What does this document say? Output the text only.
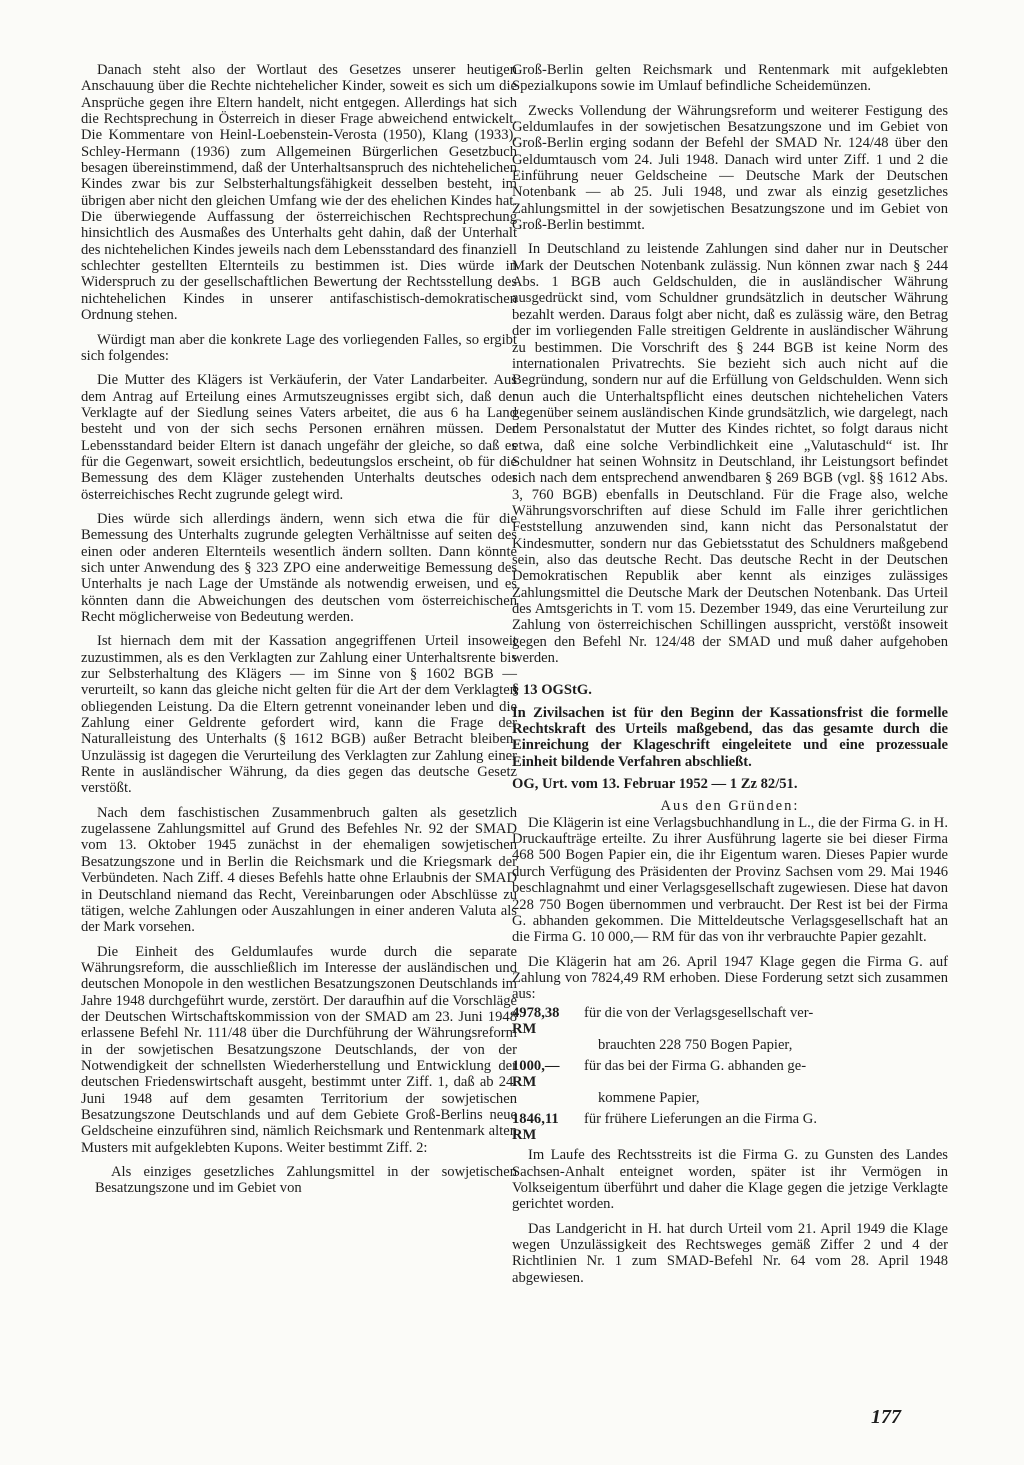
Danach steht also der Wortlaut des Gesetzes unserer heutigen Anschauung über die Rechte nichtehelicher Kinder, soweit es sich um die Ansprüche gegen ihre Eltern handelt, nicht entgegen. Allerdings hat sich die Rechtsprechung in Österreich in dieser Frage abweichend entwickelt. Die Kommentare von Heinl-Loebenstein-Verosta (1950), Klang (1933), Schley-Hermann (1936) zum Allgemeinen Bürgerlichen Gesetzbuch besagen übereinstimmend, daß der Unterhaltsanspruch des nichtehelichen Kindes zwar bis zur Selbsterhaltungsfähigkeit desselben besteht, im übrigen aber nicht den gleichen Umfang wie der des ehelichen Kindes hat. Die überwiegende Auffassung der österreichischen Rechtsprechung hinsichtlich des Ausmaßes des Unterhalts geht dahin, daß der Unterhalt des nichtehelichen Kindes jeweils nach dem Lebensstandard des finanziell schlechter gestellten Elternteils zu bestimmen ist. Dies würde in Widerspruch zu der gesellschaftlichen Bewertung der Rechtsstellung des nichtehelichen Kindes in unserer antifaschistisch-demokratischen Ordnung stehen.

Würdigt man aber die konkrete Lage des vorliegenden Falles, so ergibt sich folgendes:

Die Mutter des Klägers ist Verkäuferin, der Vater Landarbeiter. Aus dem Antrag auf Erteilung eines Armutszeugnisses ergibt sich, daß der Verklagte auf der Siedlung seines Vaters arbeitet, die aus 6 ha Land besteht und von der sich sechs Personen ernähren müssen. Der Lebensstandard beider Eltern ist danach ungefähr der gleiche, so daß es für die Gegenwart, soweit ersichtlich, bedeutungslos erscheint, ob für die Bemessung des dem Kläger zustehenden Unterhalts deutsches oder österreichisches Recht zugrunde gelegt wird.

Dies würde sich allerdings ändern, wenn sich etwa die für die Bemessung des Unterhalts zugrunde gelegten Verhältnisse auf seiten des einen oder anderen Elternteils wesentlich ändern sollten. Dann könnte sich unter Anwendung des § 323 ZPO eine anderweitige Bemessung des Unterhalts je nach Lage der Umstände als notwendig erweisen, und es könnten dann die Abweichungen des deutschen vom österreichischen Recht möglicherweise von Bedeutung werden.

Ist hiernach dem mit der Kassation angegriffenen Urteil insoweit zuzustimmen, als es den Verklagten zur Zahlung einer Unterhaltsrente bis zur Selbsterhaltung des Klägers — im Sinne von § 1602 BGB — verurteilt, so kann das gleiche nicht gelten für die Art der dem Verklagten obliegenden Leistung. Da die Eltern getrennt voneinander leben und die Zahlung einer Geldrente gefordert wird, kann die Frage der Naturalleistung des Unterhalts (§ 1612 BGB) außer Betracht bleiben. Unzulässig ist dagegen die Verurteilung des Verklagten zur Zahlung einer Rente in ausländischer Währung, da dies gegen das deutsche Gesetz verstößt.

Nach dem faschistischen Zusammenbruch galten als gesetzlich zugelassene Zahlungsmittel auf Grund des Befehles Nr. 92 der SMAD vom 13. Oktober 1945 zunächst in der ehemaligen sowjetischen Besatzungszone und in Berlin die Reichsmark und die Kriegsmark der Verbündeten. Nach Ziff. 4 dieses Befehls hatte ohne Erlaubnis der SMAD in Deutschland niemand das Recht, Vereinbarungen oder Abschlüsse zu tätigen, welche Zahlungen oder Auszahlungen in einer anderen Valuta als der Mark vorsehen.

Die Einheit des Geldumlaufes wurde durch die separate Währungsreform, die ausschließlich im Interesse der ausländischen und deutschen Monopole in den westlichen Besatzungszonen Deutschlands im Jahre 1948 durchgeführt wurde, zerstört. Der daraufhin auf die Vorschläge der Deutschen Wirtschaftskommission von der SMAD am 23. Juni 1948 erlassene Befehl Nr. 111/48 über die Durchführung der Währungsreform in der sowjetischen Besatzungszone Deutschlands, der von der Notwendigkeit der schnellsten Wiederherstellung und Entwicklung der deutschen Friedenswirtschaft ausgeht, bestimmt unter Ziff. 1, daß ab 24. Juni 1948 auf dem gesamten Territorium der sowjetischen Besatzungszone Deutschlands und auf dem Gebiete Groß-Berlins neue Geldscheine einzuführen sind, nämlich Reichsmark und Rentenmark alten Musters mit aufgeklebten Kupons. Weiter bestimmt Ziff. 2:

Als einziges gesetzliches Zahlungsmittel in der sowjetischen Besatzungszone und im Gebiet von

Groß-Berlin gelten Reichsmark und Rentenmark mit aufgeklebten Spezialkupons sowie im Umlauf befindliche Scheidemünzen.

Zwecks Vollendung der Währungsreform und weiterer Festigung des Geldumlaufes in der sowjetischen Besatzungszone und im Gebiet von Groß-Berlin erging sodann der Befehl der SMAD Nr. 124/48 über den Geldumtausch vom 24. Juli 1948. Danach wird unter Ziff. 1 und 2 die Einführung neuer Geldscheine — Deutsche Mark der Deutschen Notenbank — ab 25. Juli 1948, und zwar als einzig gesetzliches Zahlungsmittel in der sowjetischen Besatzungszone und im Gebiet von Groß-Berlin bestimmt.

In Deutschland zu leistende Zahlungen sind daher nur in Deutscher Mark der Deutschen Notenbank zulässig. Nun können zwar nach § 244 Abs. 1 BGB auch Geldschulden, die in ausländischer Währung ausgedrückt sind, vom Schuldner grundsätzlich in deutscher Währung bezahlt werden. Daraus folgt aber nicht, daß es zulässig wäre, den Betrag der im vorliegenden Falle streitigen Geldrente in ausländischer Währung zu bestimmen. Die Vorschrift des § 244 BGB ist keine Norm des internationalen Privatrechts. Sie bezieht sich auch nicht auf die Begründung, sondern nur auf die Erfüllung von Geldschulden. Wenn sich nun auch die Unterhaltspflicht eines deutschen nichtehelichen Vaters gegenüber seinem ausländischen Kinde grundsätzlich, wie dargelegt, nach dem Personalstatut der Mutter des Kindes richtet, so folgt daraus nicht etwa, daß eine solche Verbindlichkeit eine „Valutaschuld“ ist. Ihr Schuldner hat seinen Wohnsitz in Deutschland, ihr Leistungsort befindet sich nach dem entsprechend anwendbaren § 269 BGB (vgl. §§ 1612 Abs. 3, 760 BGB) ebenfalls in Deutschland. Für die Frage also, welche Währungsvorschriften auf diese Schuld im Falle ihrer gerichtlichen Feststellung anzuwenden sind, kann nicht das Personalstatut der Kindesmutter, sondern nur das Gebietsstatut des Schuldners maßgebend sein, also das deutsche Recht. Das deutsche Recht in der Deutschen Demokratischen Republik aber kennt als einziges zulässiges Zahlungsmittel die Deutsche Mark der Deutschen Notenbank. Das Urteil des Amtsgerichts in T. vom 15. Dezember 1949, das eine Verurteilung zur Zahlung von österreichischen Schillingen ausspricht, verstößt insoweit gegen den Befehl Nr. 124/48 der SMAD und muß daher aufgehoben werden.

§ 13 OGStG.

In Zivilsachen ist für den Beginn der Kassationsfrist die formelle Rechtskraft des Urteils maßgebend, das das gesamte durch die Einreichung der Klageschrift eingeleitete und eine prozessuale Einheit bildende Verfahren abschließt.

OG, Urt. vom 13. Februar 1952 — 1 Zz 82/51.

Aus den Gründen:

Die Klägerin ist eine Verlagsbuchhandlung in L., die der Firma G. in H. Druckaufträge erteilte. Zu ihrer Ausführung lagerte sie bei dieser Firma 468 500 Bogen Papier ein, die ihr Eigentum waren. Dieses Papier wurde durch Verfügung des Präsidenten der Provinz Sachsen vom 29. Mai 1946 beschlagnahmt und einer Verlagsgesellschaft zugewiesen. Diese hat davon 228 750 Bogen übernommen und verbraucht. Der Rest ist bei der Firma G. abhanden gekommen. Die Mitteldeutsche Verlagsgesellschaft hat an die Firma G. 10 000,— RM für das von ihr verbrauchte Papier gezahlt.

Die Klägerin hat am 26. April 1947 Klage gegen die Firma G. auf Zahlung von 7824,49 RM erhoben. Diese Forderung setzt sich zusammen aus:

4978,38 RM
für die von der Verlagsgesellschaft ver-
brauchten 228 750 Bogen Papier,
1000,— RM
für das bei der Firma G. abhanden ge-
kommene Papier,
1846,11 RM
für frühere Lieferungen an die Firma G.

Im Laufe des Rechtsstreits ist die Firma G. zu Gunsten des Landes Sachsen-Anhalt enteignet worden, später ist ihr Vermögen in Volkseigentum überführt und daher die Klage gegen die jetzige Verklagte gerichtet worden.

Das Landgericht in H. hat durch Urteil vom 21. April 1949 die Klage wegen Unzulässigkeit des Rechtsweges gemäß Ziffer 2 und 4 der Richtlinien Nr. 1 zum SMAD-Befehl Nr. 64 vom 28. April 1948 abgewiesen.

177
